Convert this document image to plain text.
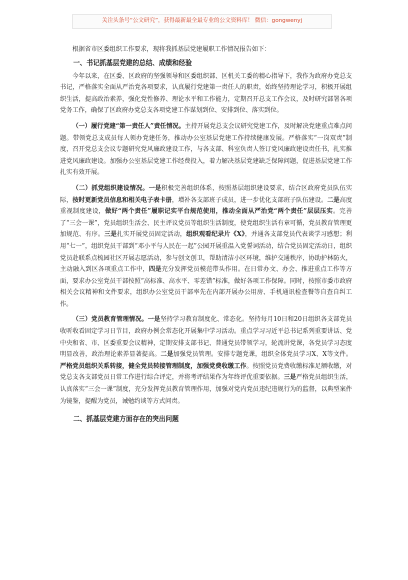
关注头条号“公文研究”，获得最新最全最专业的公文资料库！ 微信：gongwenyj

根据省市区委组织工作要求，现将我抓基层党建履职工作情况报告如下：

一、书记抓基层党建的总结、成绩和经验

今年以来，在区委、区政府的坚强领导和区委组织部、区机关工委的精心指导下，我作为政府办党总支书记，严格落实全面从严治党各项要求，认真履行党建第一责任人的职责，始终坚持理论学习，积极开展组织生活，提高政治素养，强化党性修养、理论水平和工作能力，定期召开总支工作会议，及时研究部署各项党务工作，确保了区政府办党总支各项党建工作谋划到位、安排到位、落实到位。

（一）履行党建“第一责任人”责任情况。主持开展党总支会议研究党建工作，及时解决党建重点难点问题。带领党总支成员每人领办党建任务，推动办公室基层党建工作持续健康发展。严格落实“一岗双责”制度，召开党总支会议专题研究党风廉政建设工作，与各支部、科室负责人签订党风廉政建设责任书，扎实推进党风廉政建设。加强办公室基层党建工作经费投入，着力解决基层党建缺乏保障问题，促进基层党建工作扎实有效开展。

（二）抓党组织建设情况。一是积极完善组织体系，按照基层组织建设要求，结合区政府党员队伍实际，按时更新党员信息和相关电子表卡册，增补各支部班子成员，进一步优化支部班子队伍建设。二是高度重视制度建设，做好“两个责任”履职记实平台规范使用，推动全面从严治党“两个责任”层层压实。完善了“三会一课”，党员组织生活会、民主评议党员等组织生活制度，使党组织生活有章可循，党员教育管理更加规范、有序。三是扎实开展党员固定活动，组织观看纪录片《X》，并通各支部党员代表谈学习感想；利用“七一”，组织党员干部到“邓小平与人民在一起”公园开展重温入党誓词活动，结合党员固定活动日，组织党员赴联系点梳园社区开展志愿活动，参与创文创卫，帮助清洁小区环境，维护交通秩序，协助护林防火，主动融入到区各项重点工作中，四是充分发挥党员模范带头作用。在日常办文、办会、推进重点工作等方面，要求办公室党员干部按照“高标准、高水平、零差错”标准，做好各项工作保障。同时，按照市委市政府相关会议精神和文件要求，组织办公室党员干部率先在内部开展办公用房、手机通讯检查餐等自查自纠工作。

（三）党员教育管理情况。一是坚持学习教育制度化、常态化。坚持每月10日和20日组织各支部党员收听收看固定学习日节目，政府办例会常态化开展集中学习活动。重点学习习近平总书记系列重要讲话、党中央和省、市、区委重要会议精神，定期安排支部书记、普通党员带领学习，轮流讲党课，各党员学习态度明显改善，政治理论素养显著提高。二是加强党员管理。安排专题党课，组织全体党员学习X、X等文件。严格党员组织关系转接，健全党员转接管理制度，加强党费收缴工作。按照党员党费收缴标准足额收缴，对党总支各支部党员日常工作进行综合评定，并将考评结果作为年终评优重要依据。三是严格党员组织生活，认真落实“三会一课”制度，充分发挥党员教育管理作用，加强对党内党员违纪违规行为的监督，以典型案件为镜鉴，提醒为党员，诫勉约谈等方式问责。

二、抓基层党建方面存在的突出问题
